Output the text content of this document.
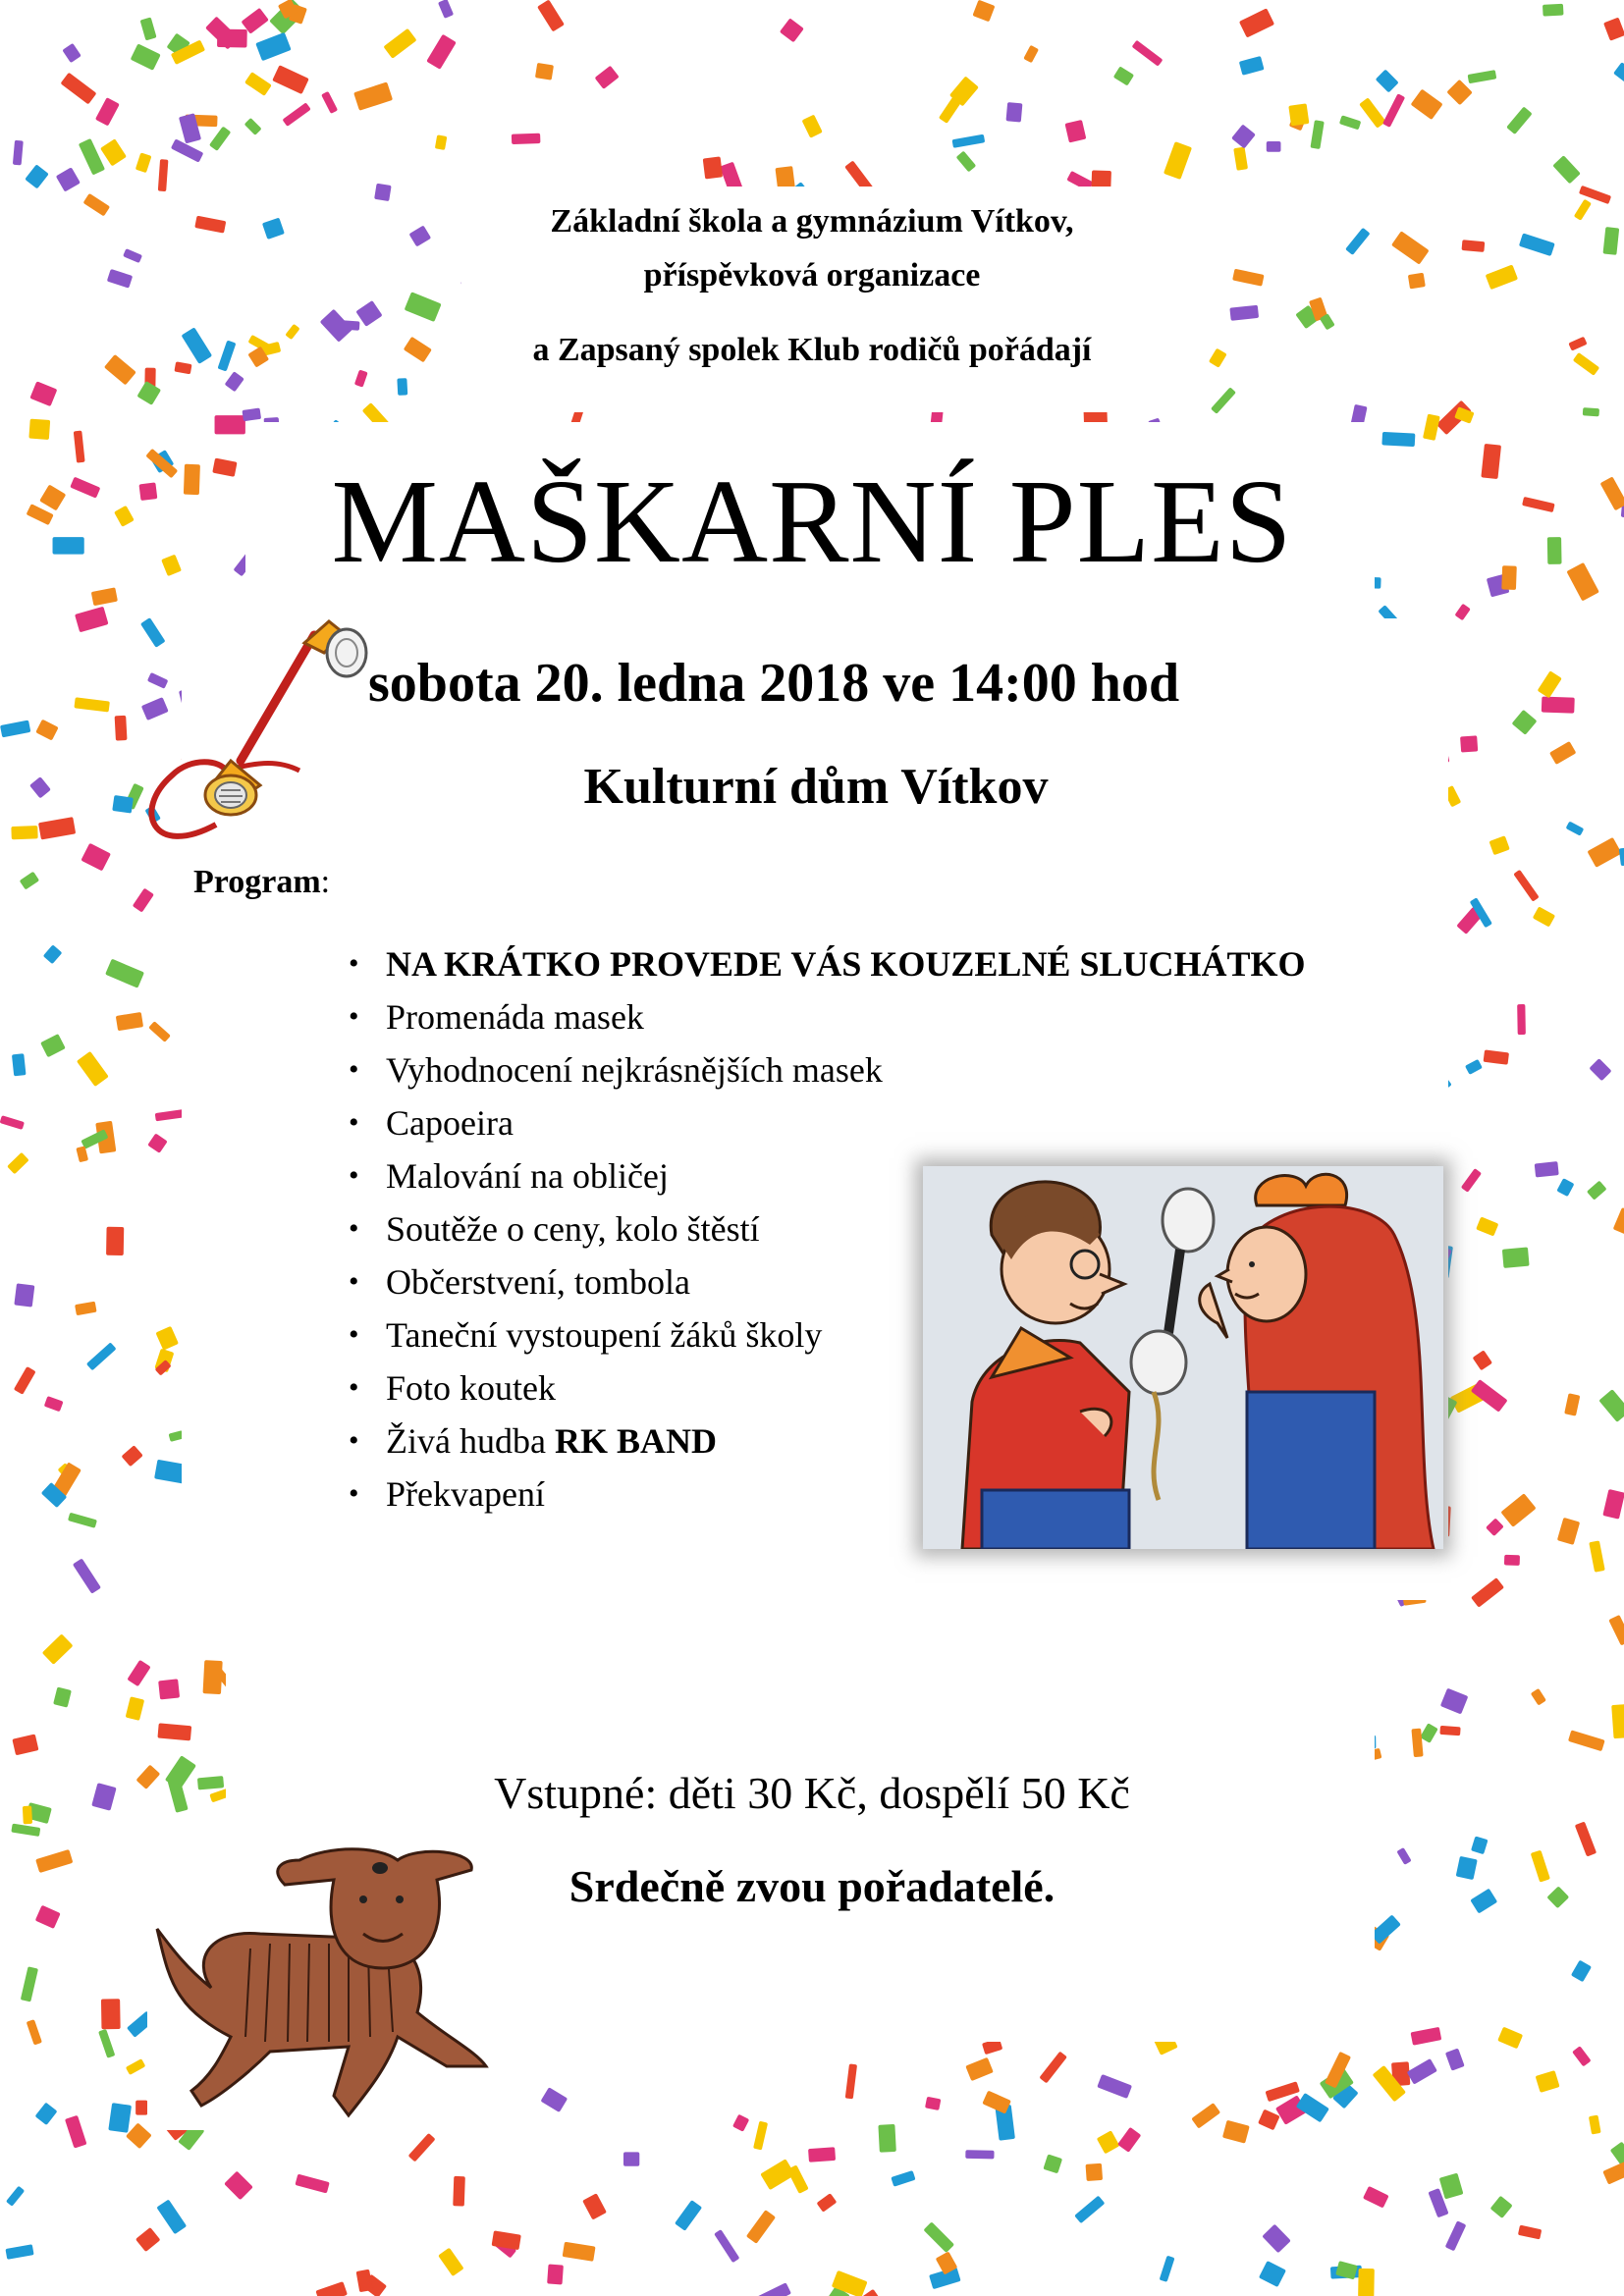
Základní škola a gymnázium Vítkov,
příspěvková organizace
a Zapsaný spolek Klub rodičů pořádají
MAŠKARNÍ PLES
sobota 20. ledna 2018 ve 14:00 hod
Kulturní dům Vítkov
Program:
• NA KRÁTKO PROVEDE VÁS KOUZELNÉ SLUCHÁTKO
• Promenáda masek
• Vyhodnocení nejkrásnějších masek
• Capoeira
• Malování na obličej
• Soutěže o ceny, kolo štěstí
• Občerstvení, tombola
• Taneční vystoupení žáků školy
• Foto koutek
• Živá hudba RK BAND
• Překvapení
Vstupné: děti 30 Kč, dospělí 50 Kč
Srdečně zvou pořadatelé.
